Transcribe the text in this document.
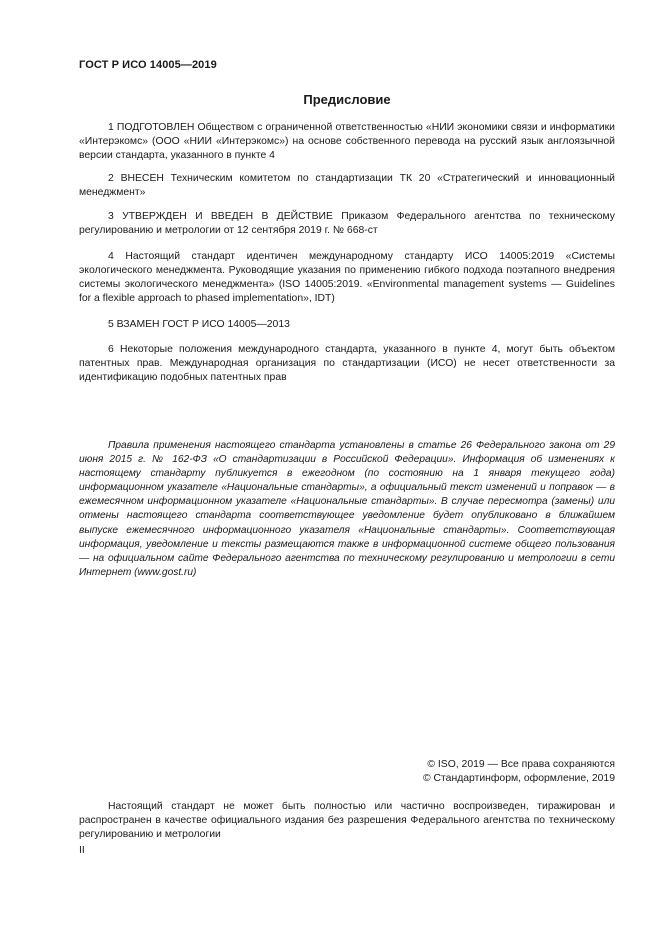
ГОСТ Р ИСО 14005—2019
Предисловие

1 ПОДГОТОВЛЕН Обществом с ограниченной ответственностью «НИИ экономики связи и информатики «Интерэкомс» (ООО «НИИ «Интерэкомс») на основе собственного перевода на русский язык англоязычной версии стандарта, указанного в пункте 4

2 ВНЕСЕН Техническим комитетом по стандартизации ТК 20 «Стратегический и инновационный менеджмент»

3 УТВЕРЖДЕН И ВВЕДЕН В ДЕЙСТВИЕ Приказом Федерального агентства по техническому регулированию и метрологии от 12 сентября 2019 г. № 668-ст

4 Настоящий стандарт идентичен международному стандарту ИСО 14005:2019 «Системы экологического менеджмента. Руководящие указания по применению гибкого подхода поэтапного внедрения системы экологического менеджмента» (ISO 14005:2019. «Environmental management systems — Guidelines for a flexible approach to phased implementation», IDT)

5 ВЗАМЕН ГОСТ Р ИСО 14005—2013

6 Некоторые положения международного стандарта, указанного в пункте 4, могут быть объектом патентных прав. Международная организация по стандартизации (ИСО) не несет ответственности за идентификацию подобных патентных прав

Правила применения настоящего стандарта установлены в статье 26 Федерального закона от 29 июня 2015 г. № 162-ФЗ «О стандартизации в Российской Федерации». Информация об изменениях к настоящему стандарту публикуется в ежегодном (по состоянию на 1 января текущего года) информационном указателе «Национальные стандарты», а официальный текст изменений и поправок — в ежемесячном информационном указателе «Национальные стандарты». В случае пересмотра (замены) или отмены настоящего стандарта соответствующее уведомление будет опубликовано в ближайшем выпуске ежемесячного информационного указателя «Национальные стандарты». Соответствующая информация, уведомление и тексты размещаются также в информационной системе общего пользования — на официальном сайте Федерального агентства по техническому регулированию и метрологии в сети Интернет (www.gost.ru)

© ISO, 2019 — Все права сохраняются
© Стандартинформ, оформление, 2019

Настоящий стандарт не может быть полностью или частично воспроизведен, тиражирован и распространен в качестве официального издания без разрешения Федерального агентства по техническому регулированию и метрологии

II
